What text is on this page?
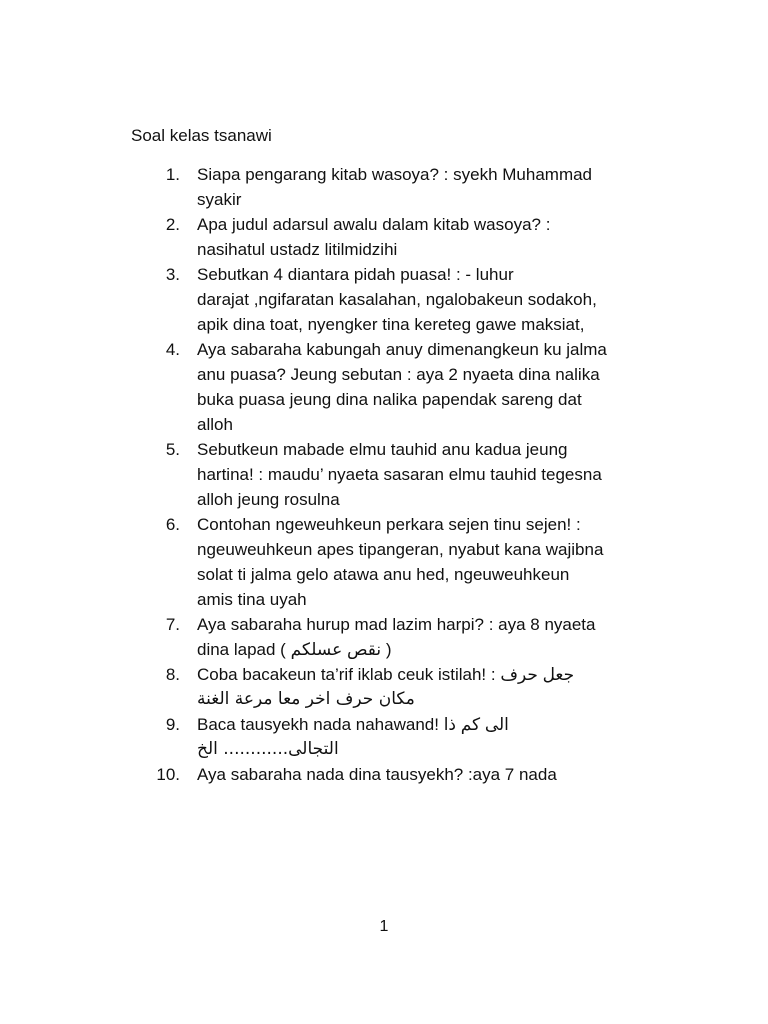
Soal kelas tsanawi
1. Siapa pengarang kitab wasoya? : syekh Muhammad
syakir
2. Apa judul adarsul awalu dalam kitab wasoya? :
nasihatul ustadz litilmidzihi
3. Sebutkan 4 diantara pidah puasa! : - luhur
darajat ,ngifaratan kasalahan, ngalobakeun sodakoh,
apik dina toat, nyengker tina kereteg gawe maksiat,
4. Aya sabaraha kabungah anuy dimenangkeun ku jalma
anu puasa? Jeung sebutan : aya 2 nyaeta dina nalika
buka puasa jeung dina nalika papendak sareng dat
alloh
5. Sebutkeun mabade elmu tauhid anu kadua jeung
hartina! : maudu’ nyaeta sasaran elmu tauhid tegesna
alloh jeung rosulna
6. Contohan ngeweuhkeun perkara sejen tinu sejen! :
ngeuweuhkeun apes tipangeran, nyabut kana wajibna
solat ti jalma gelo atawa anu hed, ngeuweuhkeun
amis tina uyah
7. Aya sabaraha hurup mad lazim harpi? : aya 8 nyaeta
dina lapad ( نقص عسلكم )
8. Coba bacakeun ta’rif iklab ceuk istilah! : جعل حرف
مكان حرف اخر معا مرعة الغنة
9. Baca tausyekh nada nahawand! الى كم ذا
التجالى............ الخ
10. Aya sabaraha nada dina tausyekh? :aya 7 nada
1
